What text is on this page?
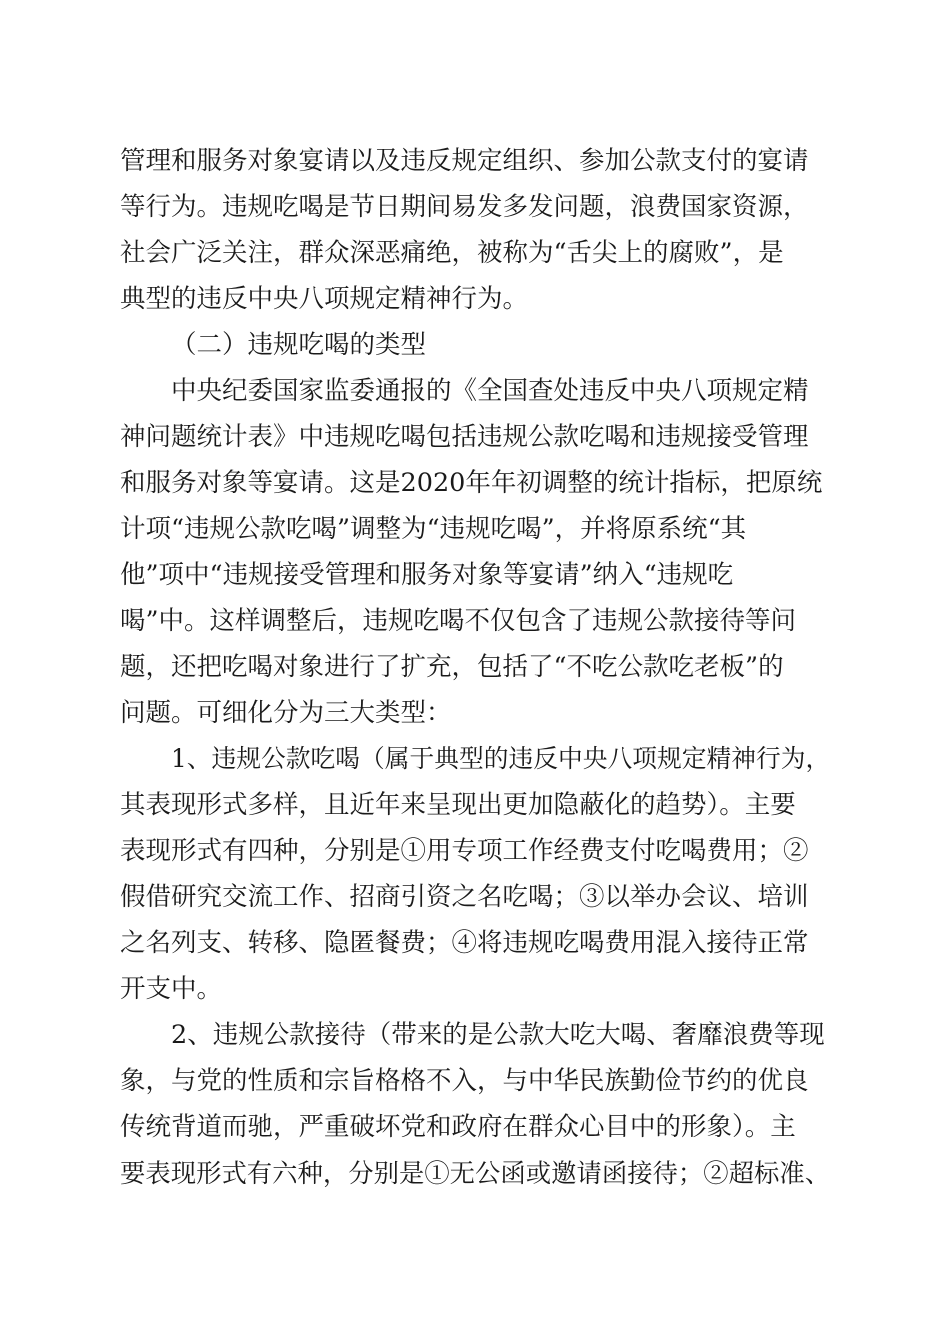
管理和服务对象宴请以及违反规定组织、参加公款支付的宴请
等行为。违规吃喝是节日期间易发多发问题，浪费国家资源，
社会广泛关注，群众深恶痛绝，被称为“舌尖上的腐败”，是
典型的违反中央八项规定精神行为。
（二）违规吃喝的类型
中央纪委国家监委通报的《全国查处违反中央八项规定精
神问题统计表》中违规吃喝包括违规公款吃喝和违规接受管理
和服务对象等宴请。这是2020年年初调整的统计指标，把原统
计项“违规公款吃喝”调整为“违规吃喝”，并将原系统“其
他”项中“违规接受管理和服务对象等宴请”纳入“违规吃
喝”中。这样调整后，违规吃喝不仅包含了违规公款接待等问
题，还把吃喝对象进行了扩充，包括了“不吃公款吃老板”的
问题。可细化分为三大类型：
1、违规公款吃喝（属于典型的违反中央八项规定精神行为，
其表现形式多样，且近年来呈现出更加隐蔽化的趋势）。主要
表现形式有四种，分别是①用专项工作经费支付吃喝费用；②
假借研究交流工作、招商引资之名吃喝；③以举办会议、培训
之名列支、转移、隐匿餐费；④将违规吃喝费用混入接待正常
开支中。
2、违规公款接待（带来的是公款大吃大喝、奢靡浪费等现
象，与党的性质和宗旨格格不入，与中华民族勤俭节约的优良
传统背道而驰，严重破坏党和政府在群众心目中的形象）。主
要表现形式有六种，分别是①无公函或邀请函接待；②超标准、
